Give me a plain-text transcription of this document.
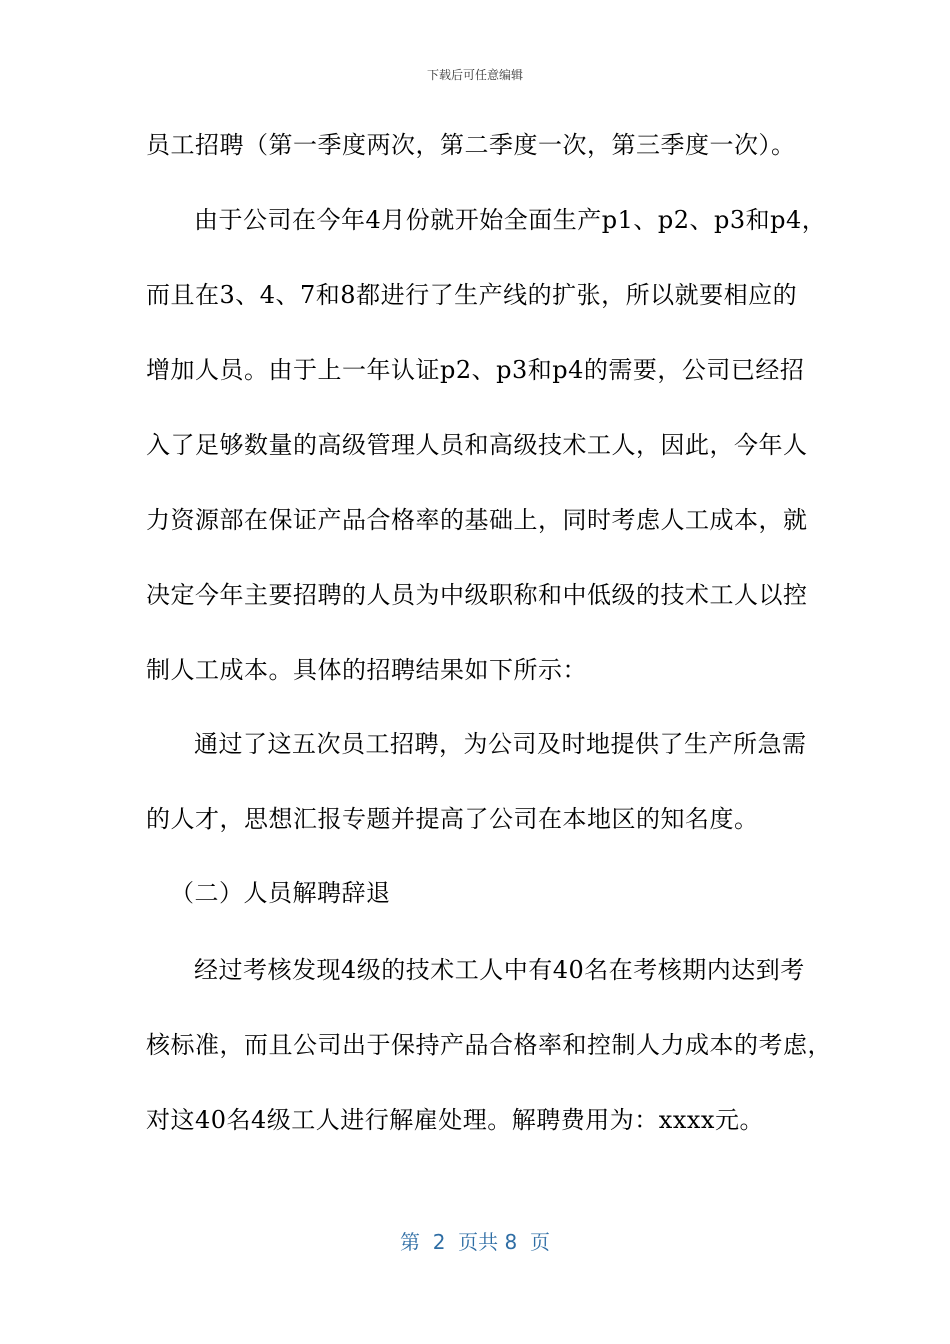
下载后可任意编辑
员工招聘（第一季度两次，第二季度一次，第三季度一次）。
由于公司在今年4月份就开始全面生产p1、p2、p3和p4，
而且在3、4、7和8都进行了生产线的扩张，所以就要相应的
增加人员。由于上一年认证p2、p3和p4的需要，公司已经招
入了足够数量的高级管理人员和高级技术工人，因此，今年人
力资源部在保证产品合格率的基础上，同时考虑人工成本，就
决定今年主要招聘的人员为中级职称和中低级的技术工人以控
制人工成本。具体的招聘结果如下所示：
通过了这五次员工招聘，为公司及时地提供了生产所急需
的人才，思想汇报专题并提高了公司在本地区的知名度。
（二）人员解聘辞退
经过考核发现4级的技术工人中有40名在考核期内达到考
核标准，而且公司出于保持产品合格率和控制人力成本的考虑，
对这40名4级工人进行解雇处理。解聘费用为：xxxx元。
第  2  页共 8  页
